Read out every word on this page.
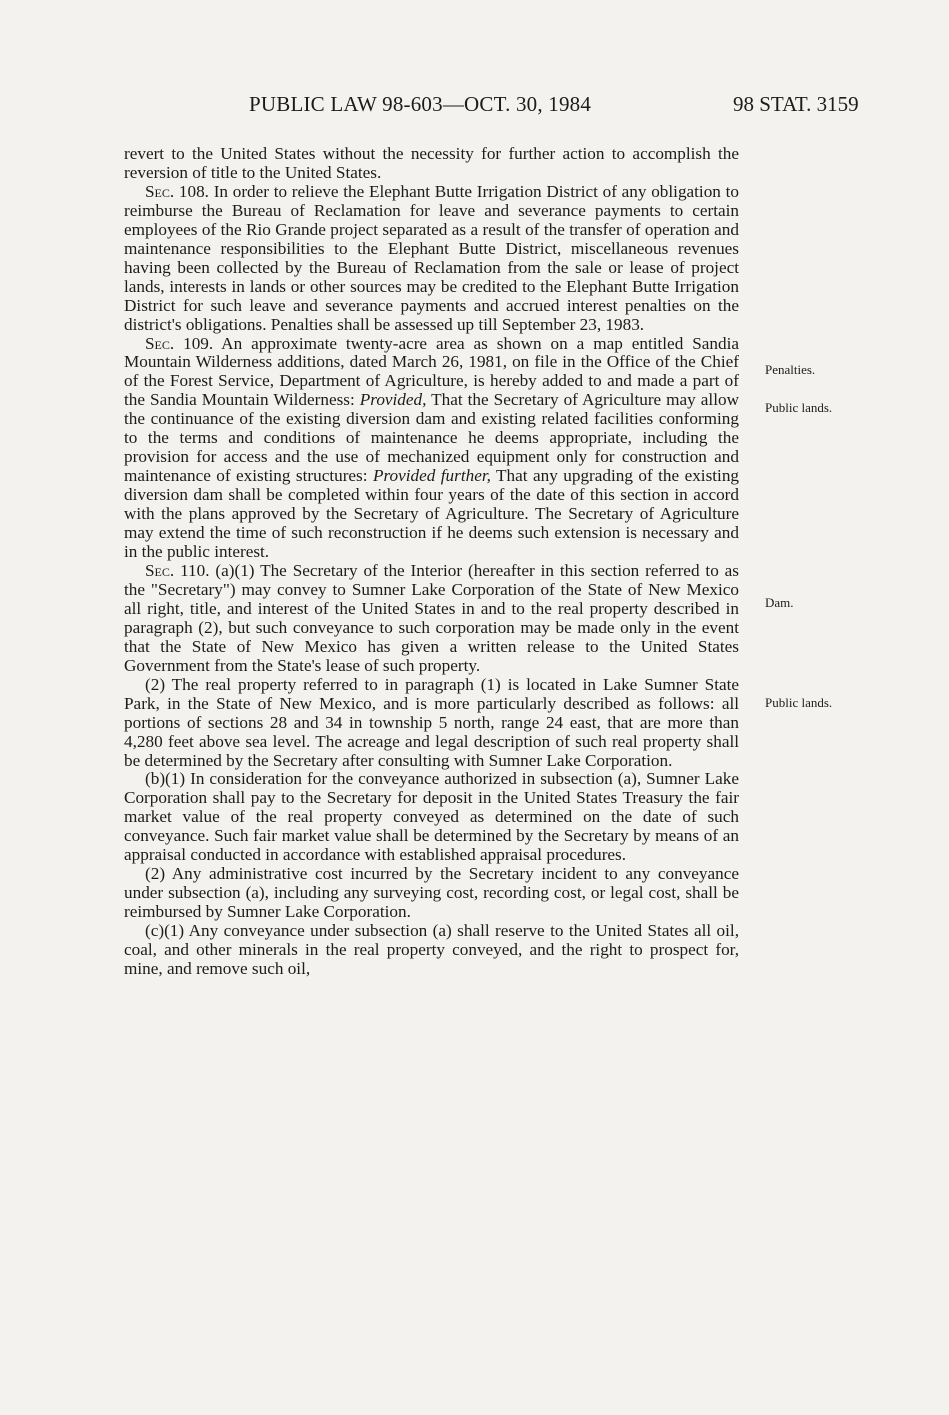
PUBLIC LAW 98-603—OCT. 30, 1984	98 STAT. 3159

revert to the United States without the necessity for further action to accomplish the reversion of title to the United States.

Sec. 108. In order to relieve the Elephant Butte Irrigation District of any obligation to reimburse the Bureau of Reclamation for leave and severance payments to certain employees of the Rio Grande project separated as a result of the transfer of operation and maintenance responsibilities to the Elephant Butte District, miscellaneous revenues having been collected by the Bureau of Reclamation from the sale or lease of project lands, interests in lands or other sources may be credited to the Elephant Butte Irrigation District for such leave and severance payments and accrued interest penalties on the district's obligations. Penalties shall be assessed up till September 23, 1983.

Sec. 109. An approximate twenty-acre area as shown on a map entitled Sandia Mountain Wilderness additions, dated March 26, 1981, on file in the Office of the Chief of the Forest Service, Department of Agriculture, is hereby added to and made a part of the Sandia Mountain Wilderness: Provided, That the Secretary of Agriculture may allow the continuance of the existing diversion dam and existing related facilities conforming to the terms and conditions of maintenance he deems appropriate, including the provision for access and the use of mechanized equipment only for construction and maintenance of existing structures: Provided further, That any upgrading of the existing diversion dam shall be completed within four years of the date of this section in accord with the plans approved by the Secretary of Agriculture. The Secretary of Agriculture may extend the time of such reconstruction if he deems such extension is necessary and in the public interest.

Sec. 110. (a)(1) The Secretary of the Interior (hereafter in this section referred to as the "Secretary") may convey to Sumner Lake Corporation of the State of New Mexico all right, title, and interest of the United States in and to the real property described in paragraph (2), but such conveyance to such corporation may be made only in the event that the State of New Mexico has given a written release to the United States Government from the State's lease of such property.

(2) The real property referred to in paragraph (1) is located in Lake Sumner State Park, in the State of New Mexico, and is more particularly described as follows: all portions of sections 28 and 34 in township 5 north, range 24 east, that are more than 4,280 feet above sea level. The acreage and legal description of such real property shall be determined by the Secretary after consulting with Sumner Lake Corporation.

(b)(1) In consideration for the conveyance authorized in subsection (a), Sumner Lake Corporation shall pay to the Secretary for deposit in the United States Treasury the fair market value of the real property conveyed as determined on the date of such conveyance. Such fair market value shall be determined by the Secretary by means of an appraisal conducted in accordance with established appraisal procedures.

(2) Any administrative cost incurred by the Secretary incident to any conveyance under subsection (a), including any surveying cost, recording cost, or legal cost, shall be reimbursed by Sumner Lake Corporation.

(c)(1) Any conveyance under subsection (a) shall reserve to the United States all oil, coal, and other minerals in the real property conveyed, and the right to prospect for, mine, and remove such oil,

Penalties.
Public lands.
Dam.
Public lands.
